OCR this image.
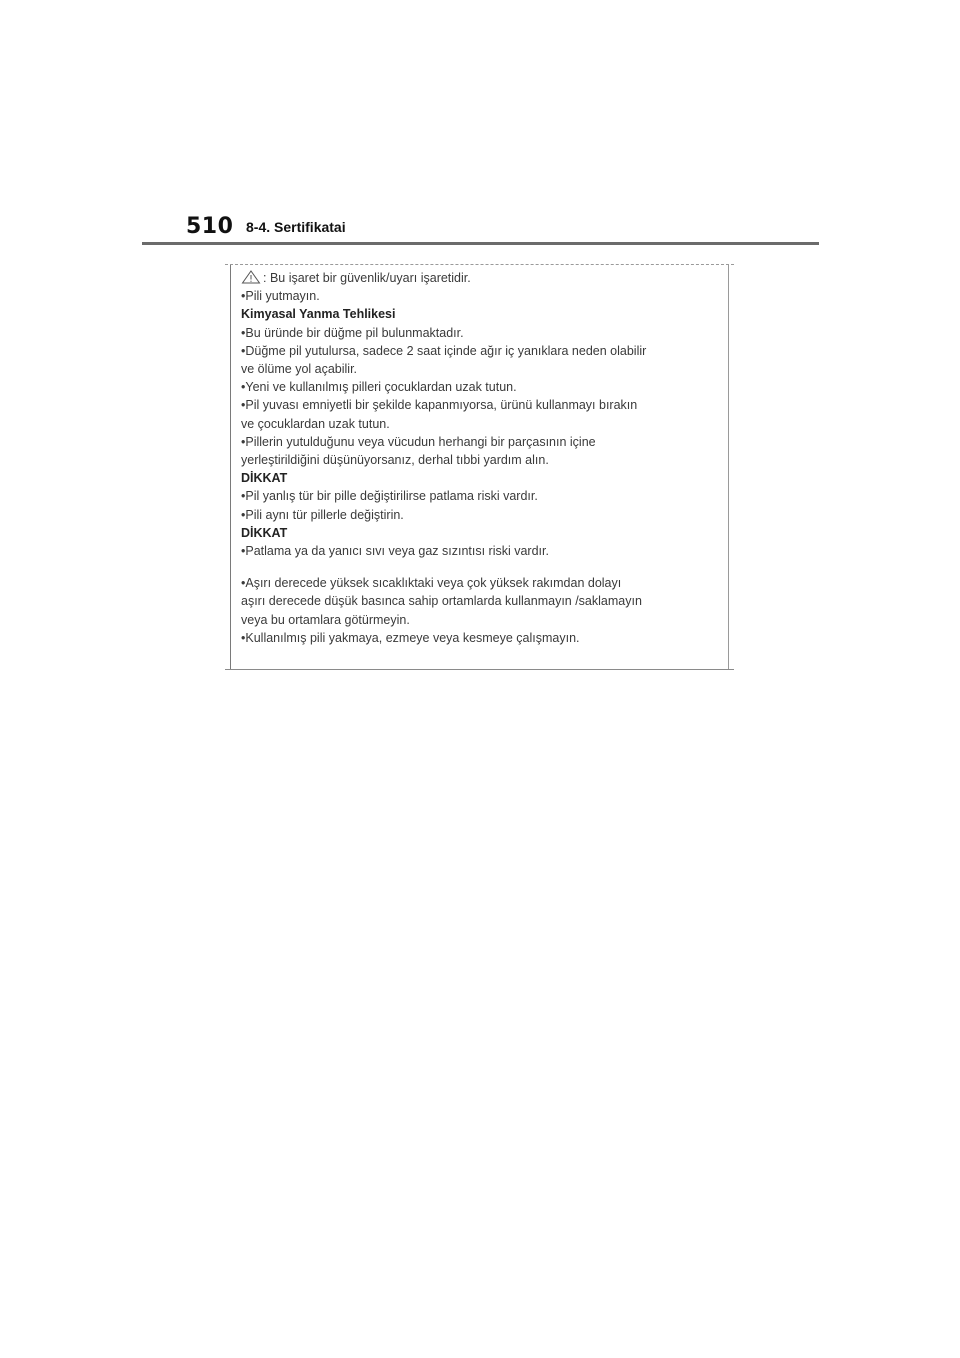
510 8-4. Sertifikatai
: Bu işaret bir güvenlik/uyarı işaretidir.
•Pili yutmayın.
Kimyasal Yanma Tehlikesi
•Bu üründe bir düğme pil bulunmaktadır.
•Düğme pil yutulursa, sadece 2 saat içinde ağır iç yanıklara neden olabilir
ve ölüme yol açabilir.
•Yeni ve kullanılmış pilleri çocuklardan uzak tutun.
•Pil yuvası emniyetli bir şekilde kapanmıyorsa, ürünü kullanmayı bırakın
ve çocuklardan uzak tutun.
•Pillerin yutulduğunu veya vücudun herhangi bir parçasının içine
yerleştirildiğini düşünüyorsanız, derhal tıbbi yardım alın.
DİKKAT
•Pil yanlış tür bir pille değiştirilirse patlama riski vardır.
•Pili aynı tür pillerle değiştirin.
DİKKAT
•Patlama ya da yanıcı sıvı veya gaz sızıntısı riski vardır.
•Aşırı derecede yüksek sıcaklıktaki veya çok yüksek rakımdan dolayı
aşırı derecede düşük basınca sahip ortamlarda kullanmayın /saklamayın
veya bu ortamlara götürmeyin.
•Kullanılmış pili yakmaya, ezmeye veya kesmeye çalışmayın.
